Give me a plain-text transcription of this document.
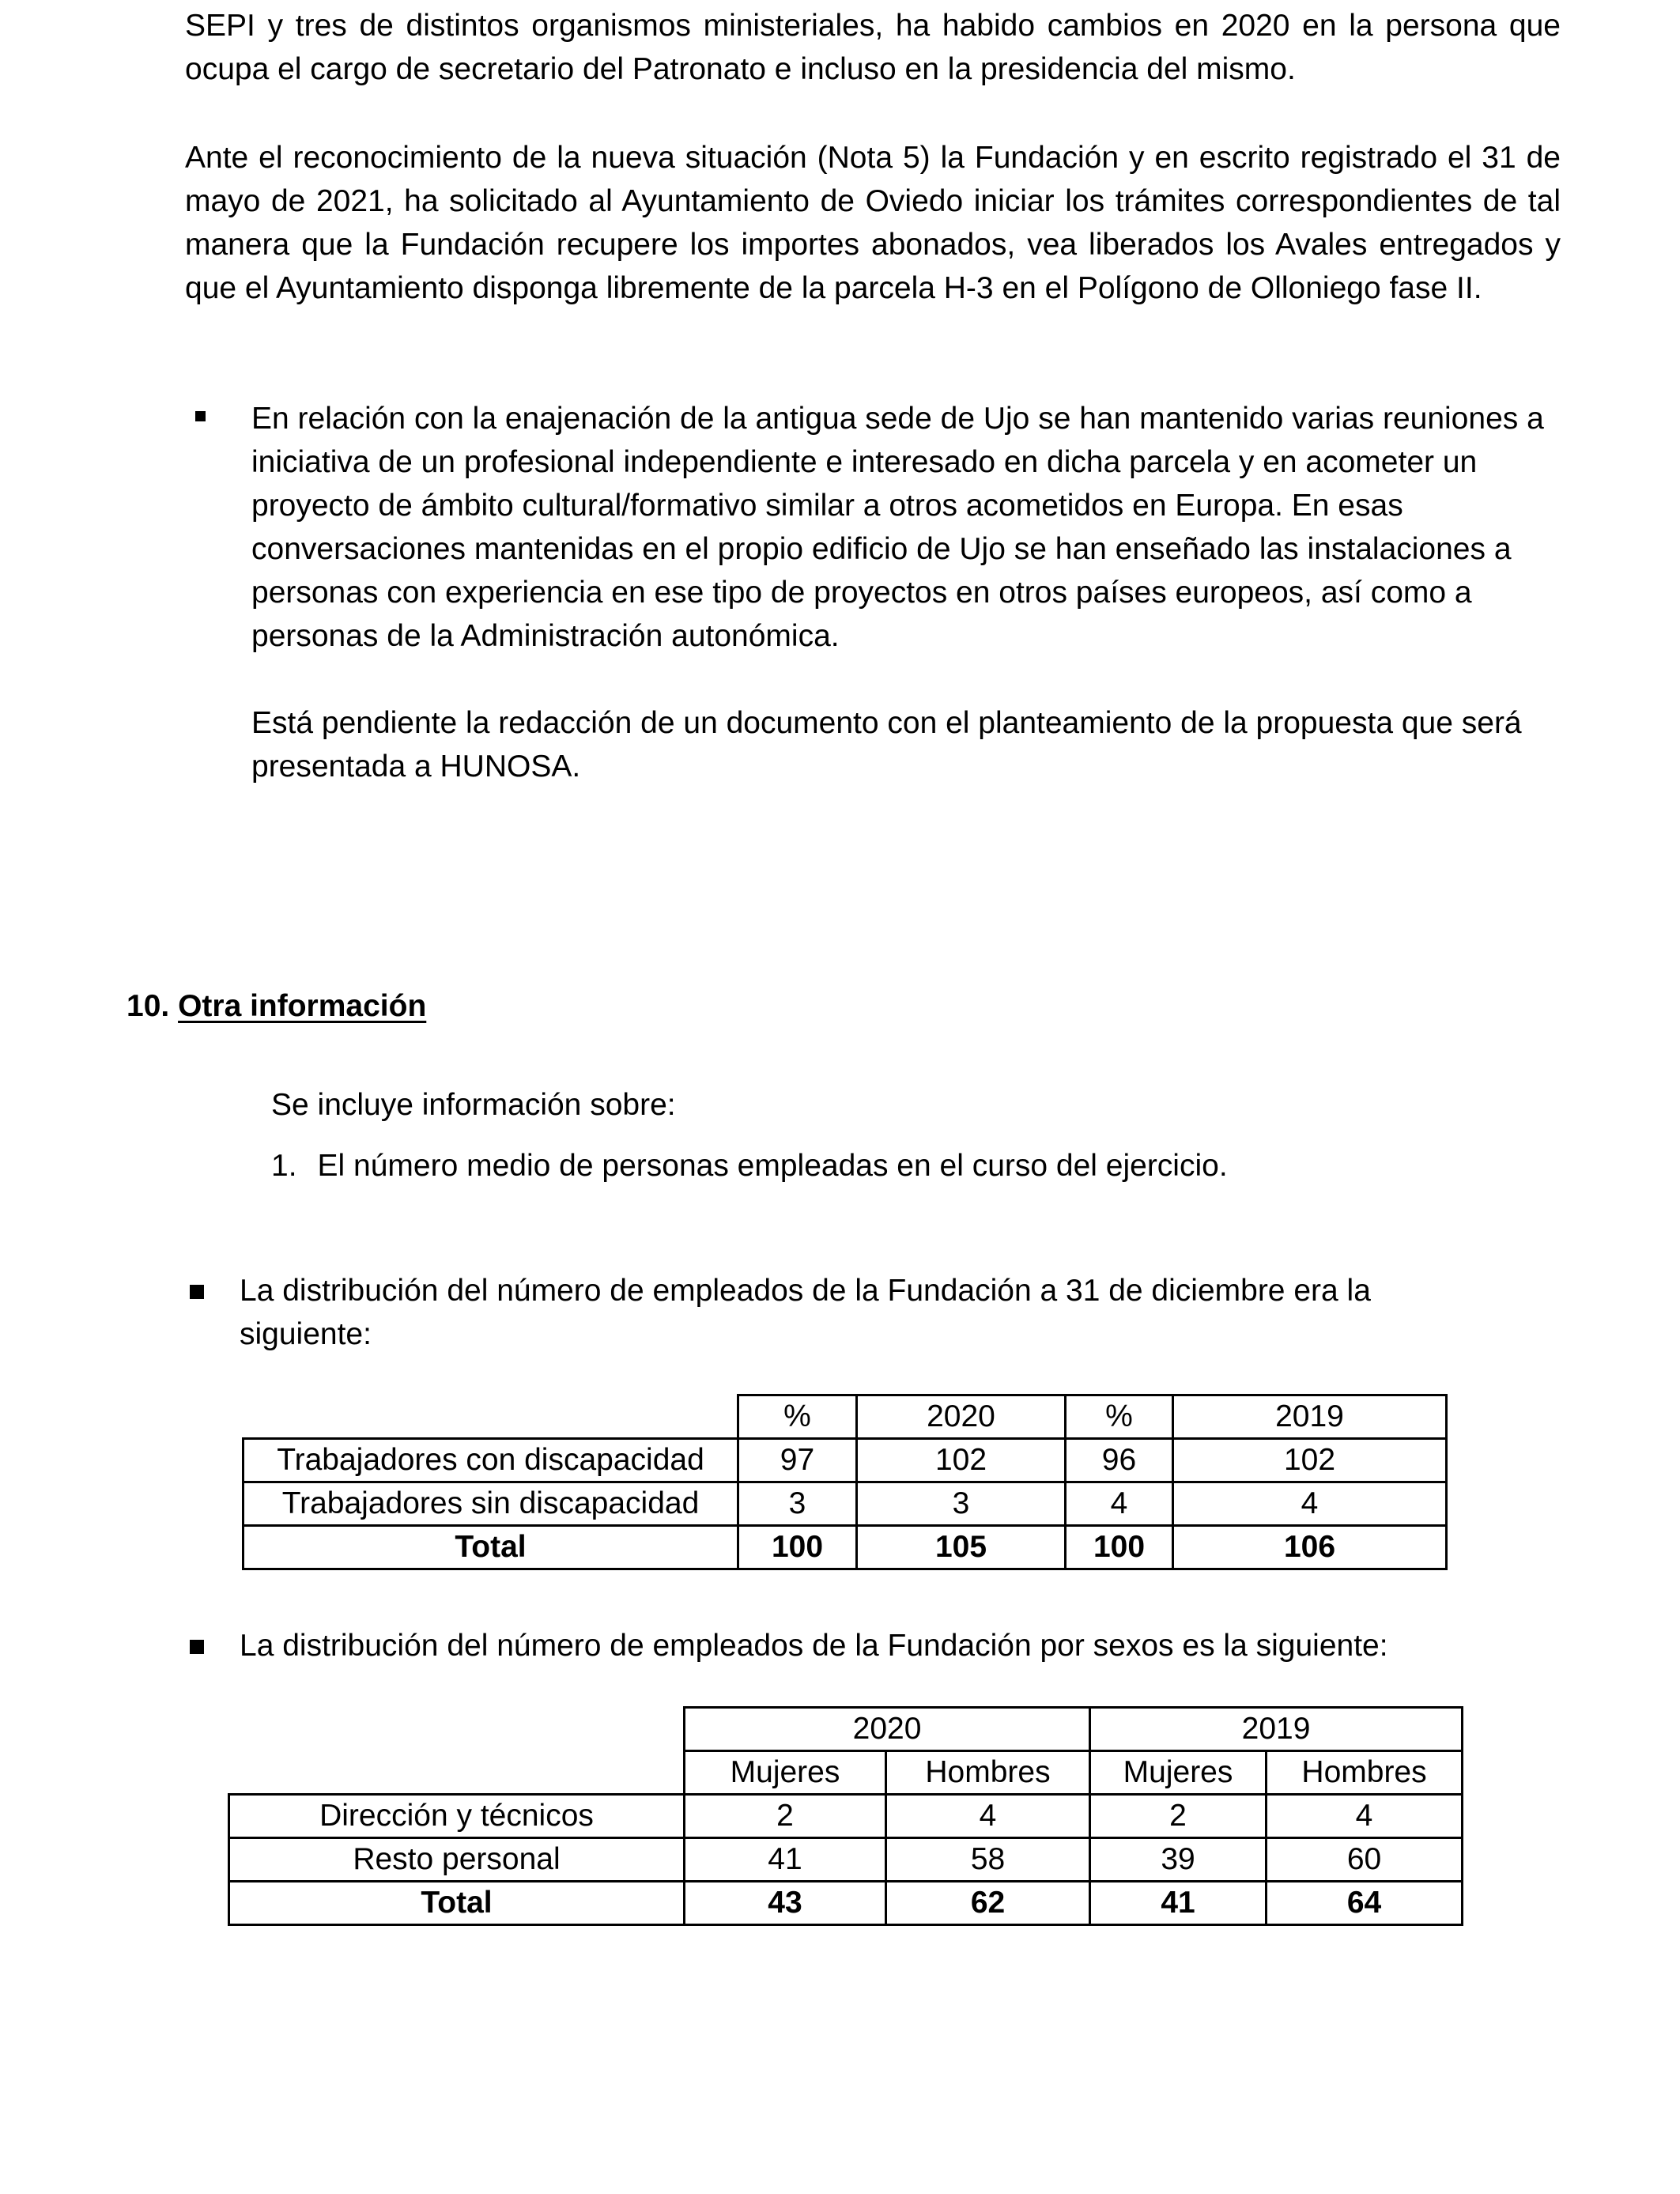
SEPI y tres de distintos organismos ministeriales, ha habido cambios en 2020 en la persona que ocupa el cargo de secretario del Patronato e incluso en la presidencia del mismo.

Ante el reconocimiento de la nueva situación (Nota 5) la Fundación y en escrito registrado el 31 de mayo de 2021, ha solicitado al Ayuntamiento de Oviedo iniciar los trámites correspondientes de tal manera que la Fundación recupere los importes abonados, vea liberados los Avales entregados y que el Ayuntamiento disponga libremente de la parcela H-3 en el Polígono de Olloniego fase II.

En relación con la enajenación de la antigua sede de Ujo se han mantenido varias reuniones a iniciativa de un profesional independiente e interesado en dicha parcela y en acometer un proyecto de ámbito cultural/formativo similar a otros acometidos en Europa. En esas conversaciones mantenidas en el propio edificio de Ujo se han enseñado las instalaciones a personas con experiencia en ese tipo de proyectos en otros países europeos, así como a personas de la Administración autonómica.

Está pendiente la redacción de un documento con el planteamiento de la propuesta que será presentada a HUNOSA.

10. Otra información

Se incluye información sobre:

1. El número medio de personas empleadas en el curso del ejercicio.

La distribución del número de empleados de la Fundación a 31 de diciembre era la siguiente:

	%	2020	%	2019
Trabajadores con discapacidad	97	102	96	102
Trabajadores sin discapacidad	3	3	4	4
Total	100	105	100	106

La distribución del número de empleados de la Fundación por sexos es la siguiente:

	2020		2019	
	Mujeres	Hombres	Mujeres	Hombres
Dirección y técnicos	2	4	2	4
Resto personal	41	58	39	60
Total	43	62	41	64
